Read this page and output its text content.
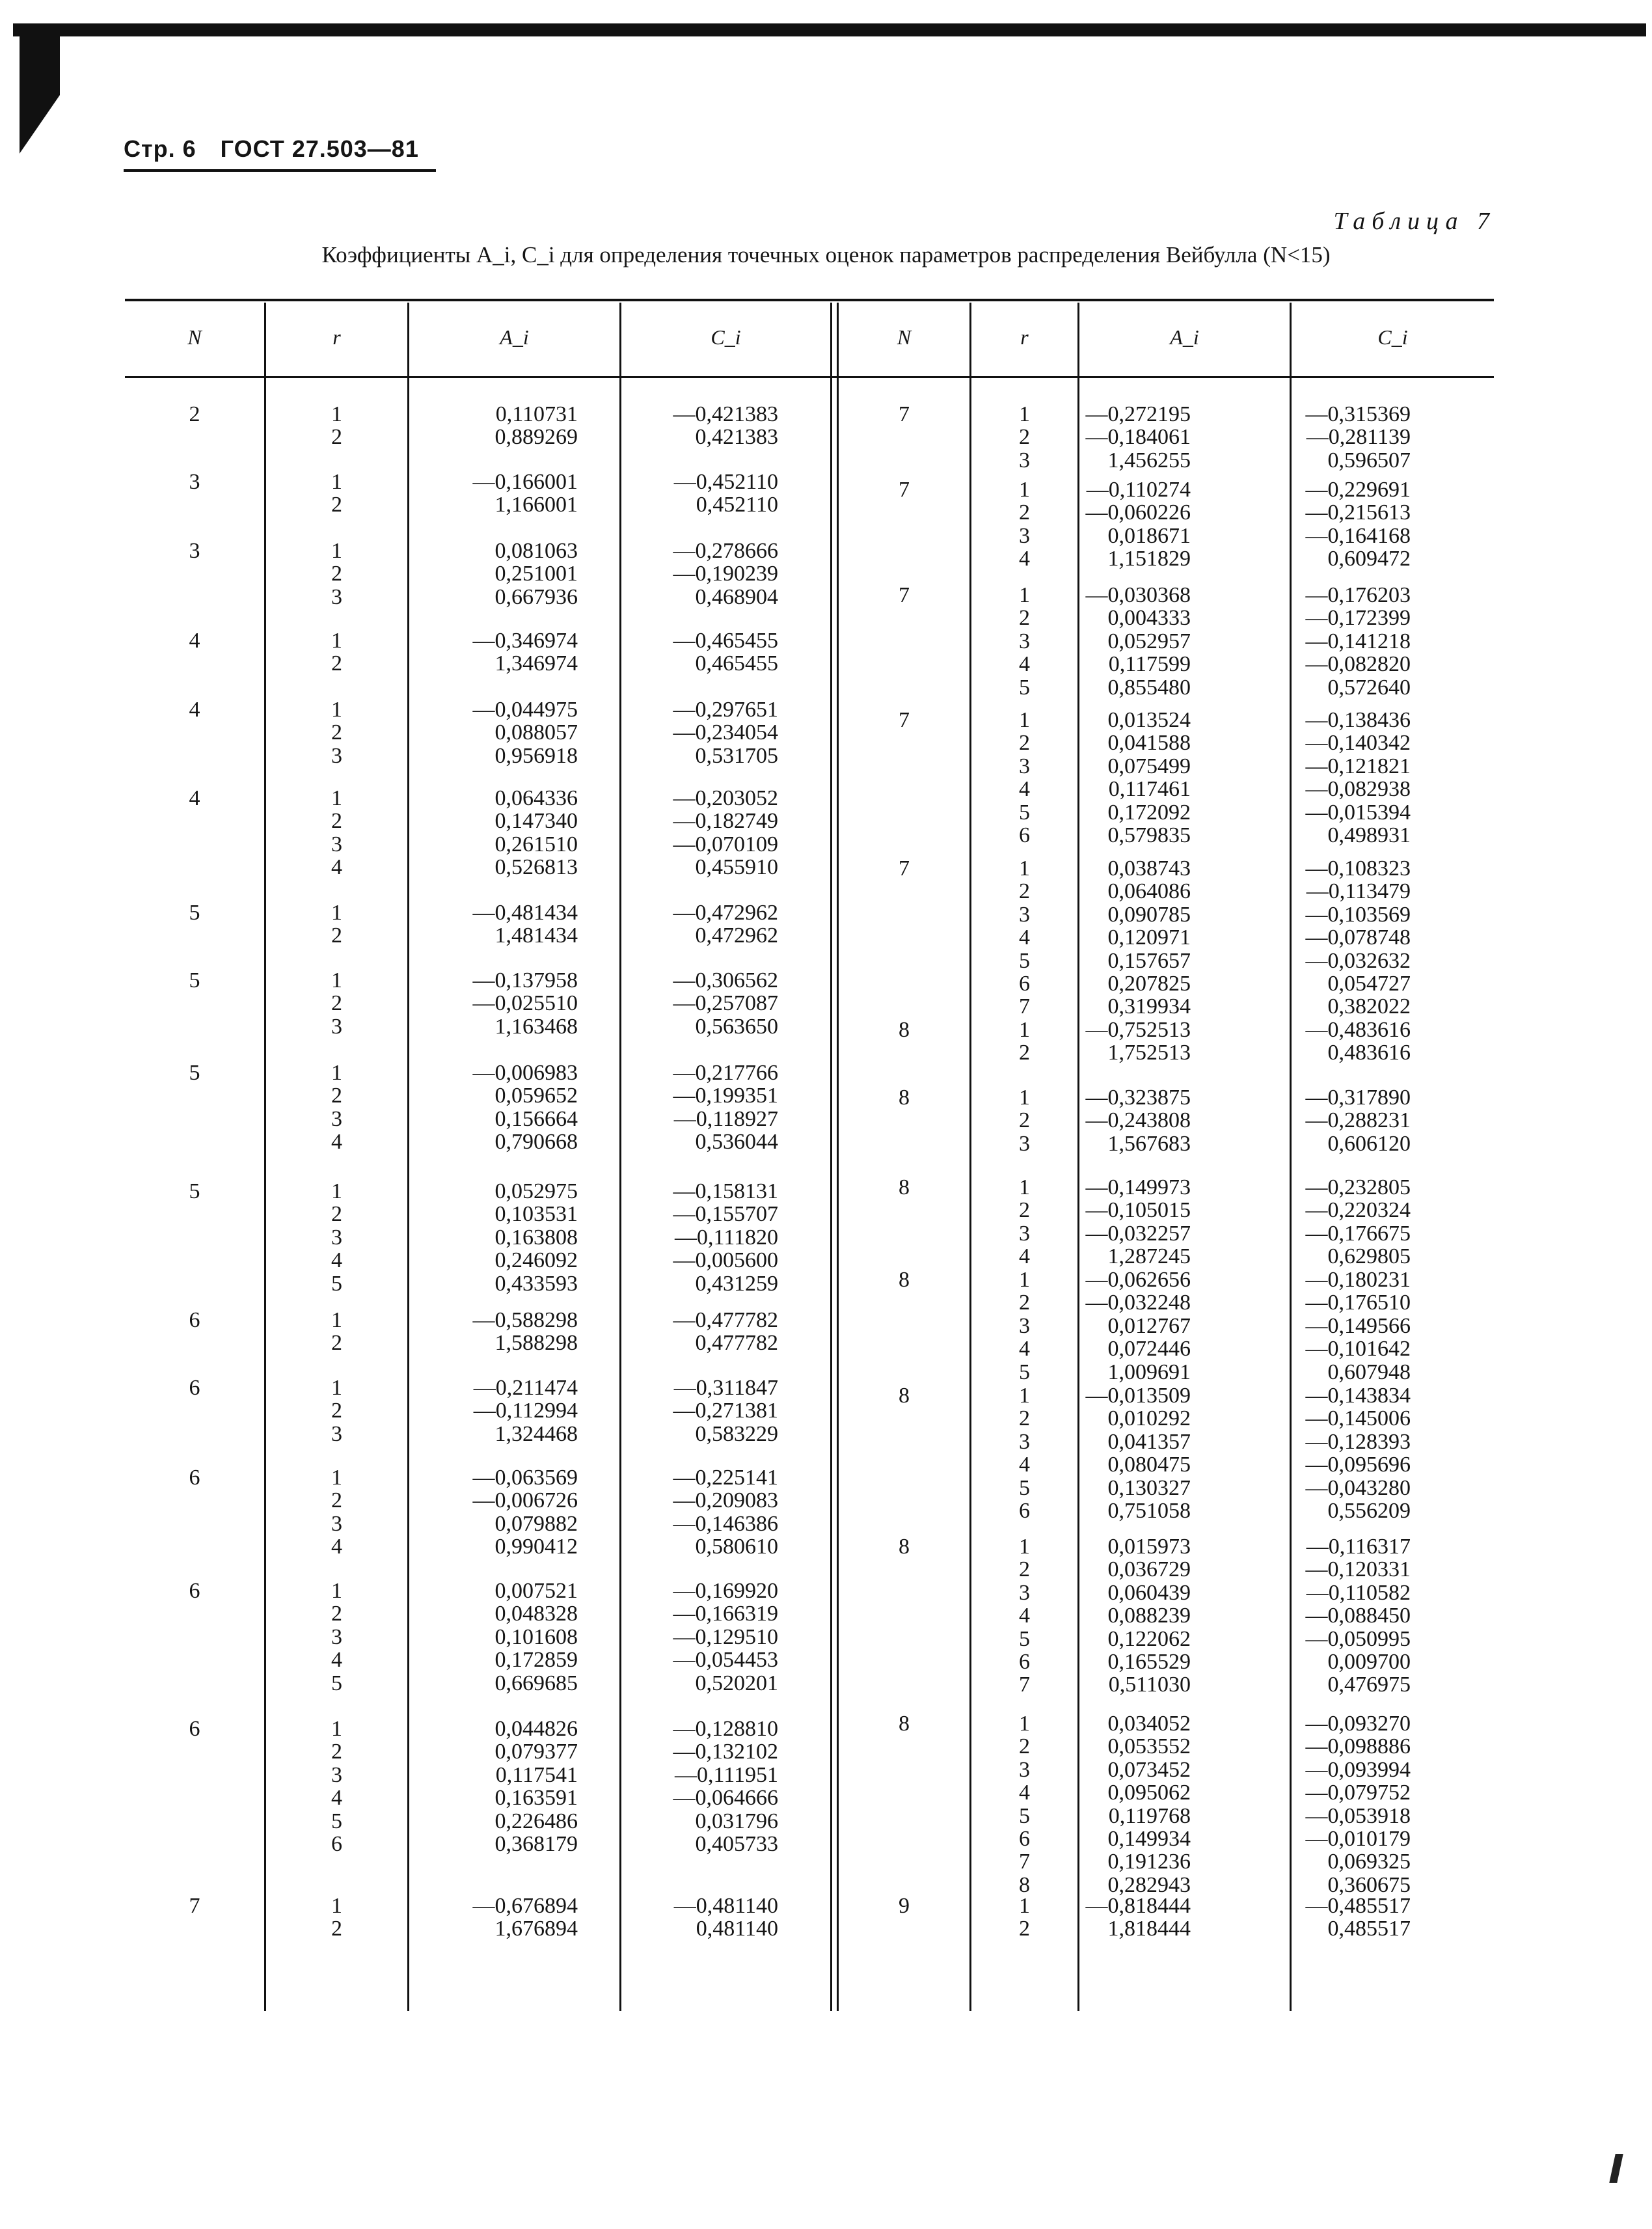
Стр. 6 ГОСТ 27.503—81
Таблица 7
Коэффициенты A_i, C_i для определения точечных оценок параметров распределения Вейбулла (N<15)
N	r	A_i	C_i	N	r	A_i	C_i
2	1	0,110731	—0,421383
2	0,889269	0,421383
3	1	—0,166001	—0,452110
2	1,166001	0,452110
3	1	0,081063	—0,278666
2	0,251001	—0,190239
3	0,667936	0,468904
4	1	—0,346974	—0,465455
2	1,346974	0,465455
4	1	—0,044975	—0,297651
2	0,088057	—0,234054
3	0,956918	0,531705
4	1	0,064336	—0,203052
2	0,147340	—0,182749
3	0,261510	—0,070109
4	0,526813	0,455910
5	1	—0,481434	—0,472962
2	1,481434	0,472962
5	1	—0,137958	—0,306562
2	—0,025510	—0,257087
3	1,163468	0,563650
5	1	—0,006983	—0,217766
2	0,059652	—0,199351
3	0,156664	—0,118927
4	0,790668	0,536044
5	1	0,052975	—0,158131
2	0,103531	—0,155707
3	0,163808	—0,111820
4	0,246092	—0,005600
5	0,433593	0,431259
6	1	—0,588298	—0,477782
2	1,588298	0,477782
6	1	—0,211474	—0,311847
2	—0,112994	—0,271381
3	1,324468	0,583229
6	1	—0,063569	—0,225141
2	—0,006726	—0,209083
3	0,079882	—0,146386
4	0,990412	0,580610
6	1	0,007521	—0,169920
2	0,048328	—0,166319
3	0,101608	—0,129510
4	0,172859	—0,054453
5	0,669685	0,520201
6	1	0,044826	—0,128810
2	0,079377	—0,132102
3	0,117541	—0,111951
4	0,163591	—0,064666
5	0,226486	0,031796
6	0,368179	0,405733
7	1	—0,676894	—0,481140
2	1,676894	0,481140
7	1	—0,272195	—0,315369
2	—0,184061	—0,281139
3	1,456255	0,596507
7	1	—0,110274	—0,229691
2	—0,060226	—0,215613
3	0,018671	—0,164168
4	1,151829	0,609472
7	1	—0,030368	—0,176203
2	0,004333	—0,172399
3	0,052957	—0,141218
4	0,117599	—0,082820
5	0,855480	0,572640
7	1	0,013524	—0,138436
2	0,041588	—0,140342
3	0,075499	—0,121821
4	0,117461	—0,082938
5	0,172092	—0,015394
6	0,579835	0,498931
7	1	0,038743	—0,108323
2	0,064086	—0,113479
3	0,090785	—0,103569
4	0,120971	—0,078748
5	0,157657	—0,032632
6	0,207825	0,054727
7	0,319934	0,382022
8	1	—0,752513	—0,483616
2	1,752513	0,483616
8	1	—0,323875	—0,317890
2	—0,243808	—0,288231
3	1,567683	0,606120
8	1	—0,149973	—0,232805
2	—0,105015	—0,220324
3	—0,032257	—0,176675
4	1,287245	0,629805
8	1	—0,062656	—0,180231
2	—0,032248	—0,176510
3	0,012767	—0,149566
4	0,072446	—0,101642
5	1,009691	0,607948
8	1	—0,013509	—0,143834
2	0,010292	—0,145006
3	0,041357	—0,128393
4	0,080475	—0,095696
5	0,130327	—0,043280
6	0,751058	0,556209
8	1	0,015973	—0,116317
2	0,036729	—0,120331
3	0,060439	—0,110582
4	0,088239	—0,088450
5	0,122062	—0,050995
6	0,165529	0,009700
7	0,511030	0,476975
8	1	0,034052	—0,093270
2	0,053552	—0,098886
3	0,073452	—0,093994
4	0,095062	—0,079752
5	0,119768	—0,053918
6	0,149934	—0,010179
7	0,191236	0,069325
8	0,282943	0,360675
9	1	—0,818444	—0,485517
2	1,818444	0,485517
